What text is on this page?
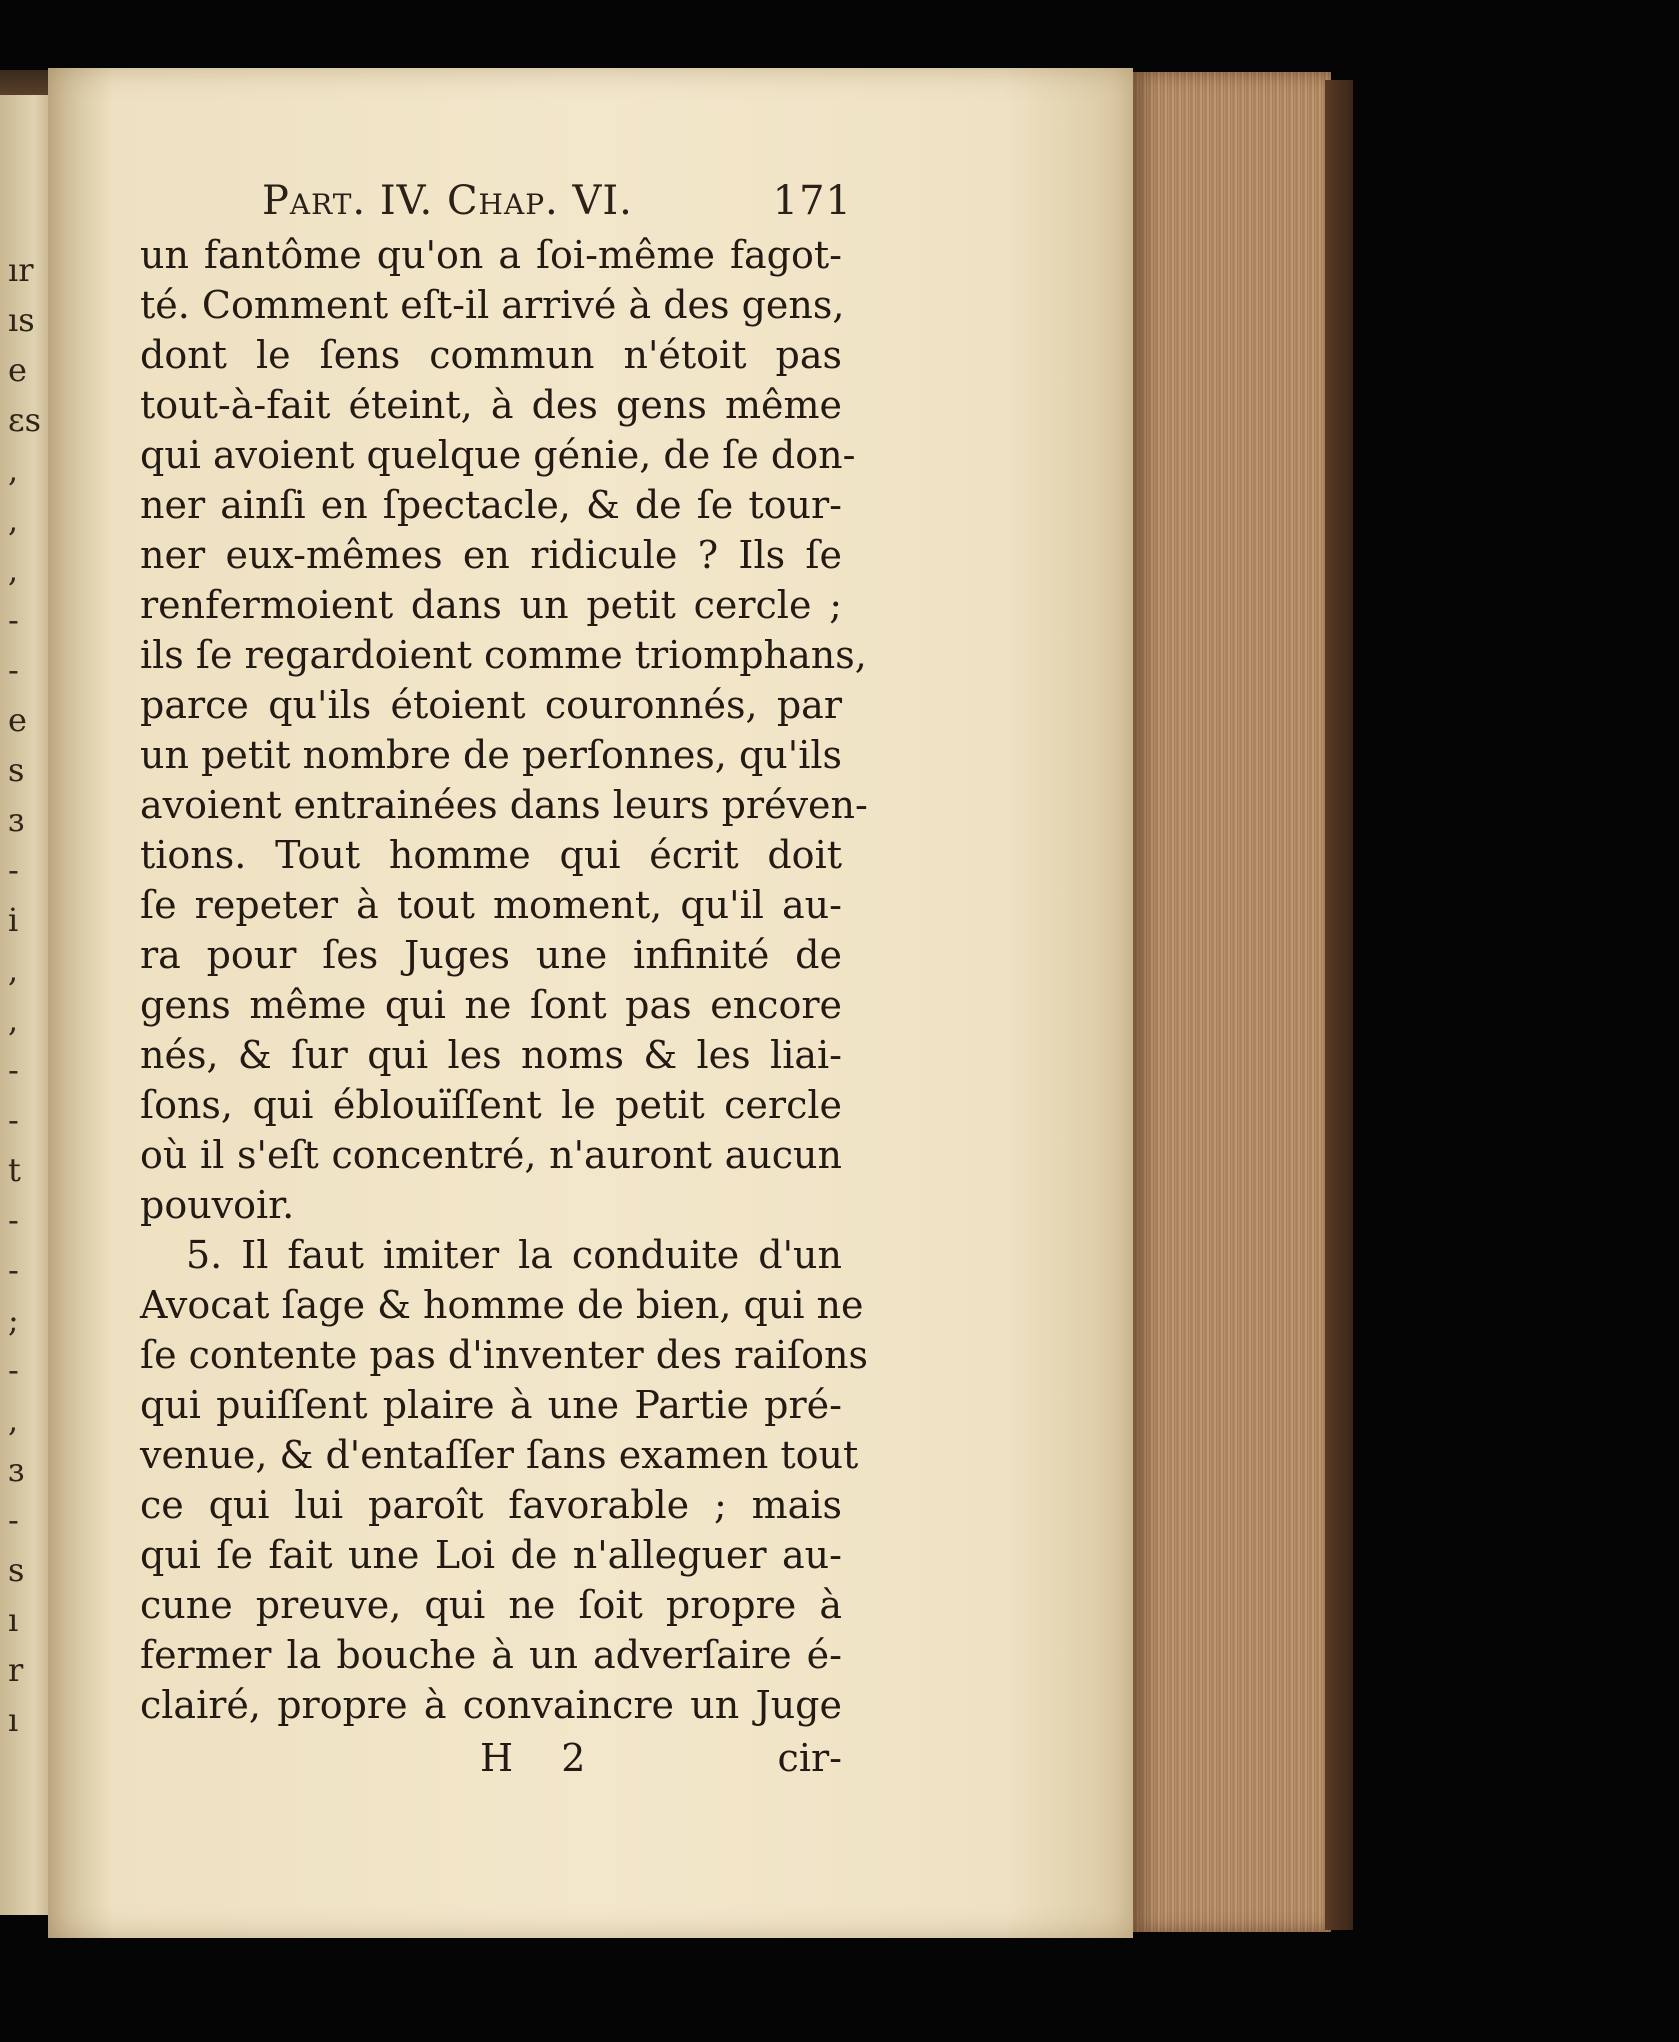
ır
ıs
e
ɛs
,
,
,
-
-
e
s
ɜ
-
i
,
,
-
-
t
-
-
;
-
,
ɜ
-
s
ı
r
ı
Part. IV. Chap. VI.	171
un fantôme qu'on a ſoi-même fagot-
té. Comment eſt-il arrivé à des gens,
dont le ſens commun n'étoit pas
tout-à-fait éteint, à des gens même
qui avoient quelque génie, de ſe don-
ner ainſi en ſpectacle, & de ſe tour-
ner eux-mêmes en ridicule ? Ils ſe
renfermoient dans un petit cercle ;
ils ſe regardoient comme triomphans,
parce qu'ils étoient couronnés, par
un petit nombre de perſonnes, qu'ils
avoient entrainées dans leurs préven-
tions. Tout homme qui écrit doit
ſe repeter à tout moment, qu'il au-
ra pour ſes Juges une infinité de
gens même qui ne ſont pas encore
nés, & ſur qui les noms & les liai-
ſons, qui éblouïſſent le petit cercle
où il s'eſt concentré, n'auront aucun
pouvoir.
5. Il faut imiter la conduite d'un
Avocat ſage & homme de bien, qui ne
ſe contente pas d'inventer des raiſons
qui puiſſent plaire à une Partie pré-
venue, & d'entaſſer ſans examen tout
ce qui lui paroît favorable ; mais
qui ſe fait une Loi de n'alleguer au-
cune preuve, qui ne ſoit propre à
fermer la bouche à un adverſaire é-
clairé, propre à convaincre un Juge
H 2	cir-
